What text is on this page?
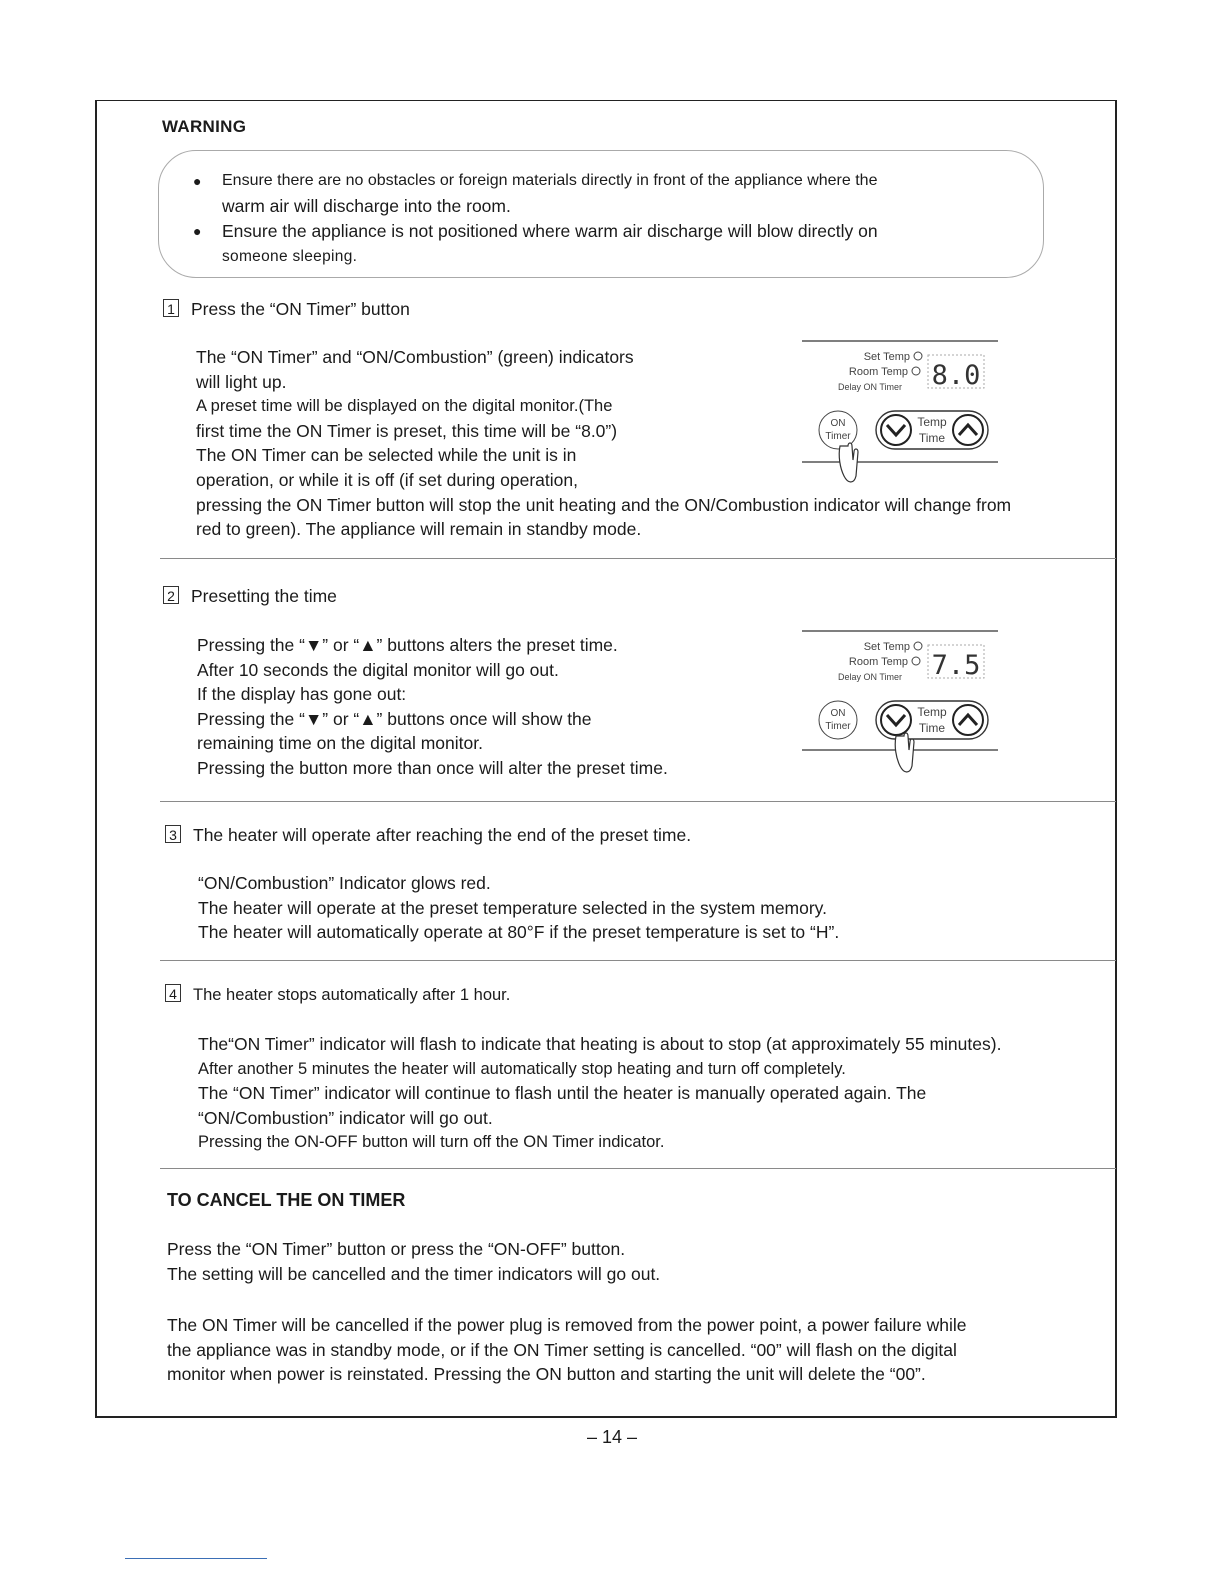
WARNING
● Ensure there are no obstacles or foreign materials directly in front of the appliance where the
warm air will discharge into the room.
● Ensure the appliance is not positioned where warm air discharge will blow directly on
someone sleeping.
1 Press the “ON Timer” button
The “ON Timer” and “ON/Combustion” (green) indicators
will light up.
A preset time will be displayed on the digital monitor.(The
first time the ON Timer is preset, this time will be “8.0”)
The ON Timer can be selected while the unit is in
operation, or while it is off (if set during operation,
pressing the ON Timer button will stop the unit heating and the ON/Combustion indicator will change from
red to green). The appliance will remain in standby mode.
Set Temp
Room Temp
Delay ON Timer 8.0
ON
Timer
Temp
Time
2 Presetting the time
Pressing the “▼” or “▲” buttons alters the preset time.
After 10 seconds the digital monitor will go out.
If the display has gone out:
Pressing the “▼” or “▲” buttons once will show the
remaining time on the digital monitor.
Pressing the button more than once will alter the preset time.
Set Temp
Room Temp
Delay ON Timer 7.5
ON
Timer
Temp
Time
3 The heater will operate after reaching the end of the preset time.
“ON/Combustion” Indicator glows red.
The heater will operate at the preset temperature selected in the system memory.
The heater will automatically operate at 80°F if the preset temperature is set to “H”.
4 The heater stops automatically after 1 hour.
The“ON Timer” indicator will flash to indicate that heating is about to stop (at approximately 55 minutes).
After another 5 minutes the heater will automatically stop heating and turn off completely.
The “ON Timer” indicator will continue to flash until the heater is manually operated again. The
“ON/Combustion” indicator will go out.
Pressing the ON-OFF button will turn off the ON Timer indicator.
TO CANCEL THE ON TIMER
Press the “ON Timer” button or press the “ON-OFF” button.
The setting will be cancelled and the timer indicators will go out.
The ON Timer will be cancelled if the power plug is removed from the power point, a power failure while
the appliance was in standby mode, or if the ON Timer setting is cancelled. “00” will flash on the digital
monitor when power is reinstated. Pressing the ON button and starting the unit will delete the “00”.
– 14 –
